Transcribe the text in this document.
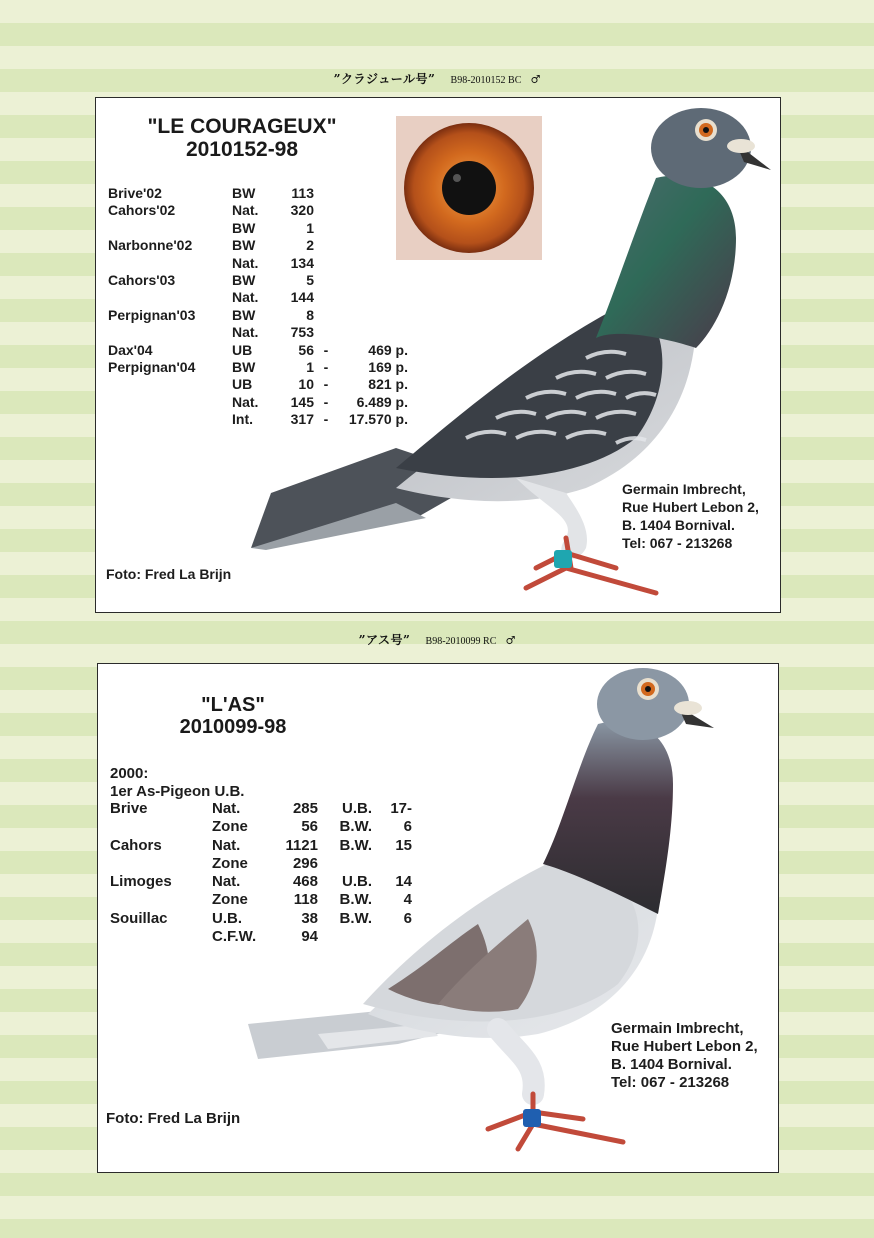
”クラジュール号” B98-2010152 BC ♂
"LE COURAGEUX"
2010152-98
Brive'02	BW	113		
Cahors'02	Nat.	320		
	BW	1		
Narbonne'02	BW	2		
	Nat.	134		
Cahors'03	BW	5		
	Nat.	144		
Perpignan'03	BW	8		
	Nat.	753		
Dax'04	UB	56	-	469 p.
Perpignan'04	BW	1	-	169 p.
	UB	10	-	821 p.
	Nat.	145	-	6.489 p.
	Int.	317	-	17.570 p.
Germain Imbrecht,
Rue Hubert Lebon 2,
B. 1404 Bornival.
Tel: 067 - 213268
Foto: Fred La Brijn
”アス号” B98-2010099 RC ♂
"L'AS"
2010099-98
2000:
1er As-Pigeon U.B.
Brive	Nat.	285	U.B.	17-
	Zone	56	B.W.	6
Cahors	Nat.	1121	B.W.	15
	Zone	296		
Limoges	Nat.	468	U.B.	14
	Zone	118	B.W.	4
Souillac	U.B.	38	B.W.	6
	C.F.W.	94		
Germain Imbrecht,
Rue Hubert Lebon 2,
B. 1404 Bornival.
Tel: 067 - 213268
Foto: Fred La Brijn
